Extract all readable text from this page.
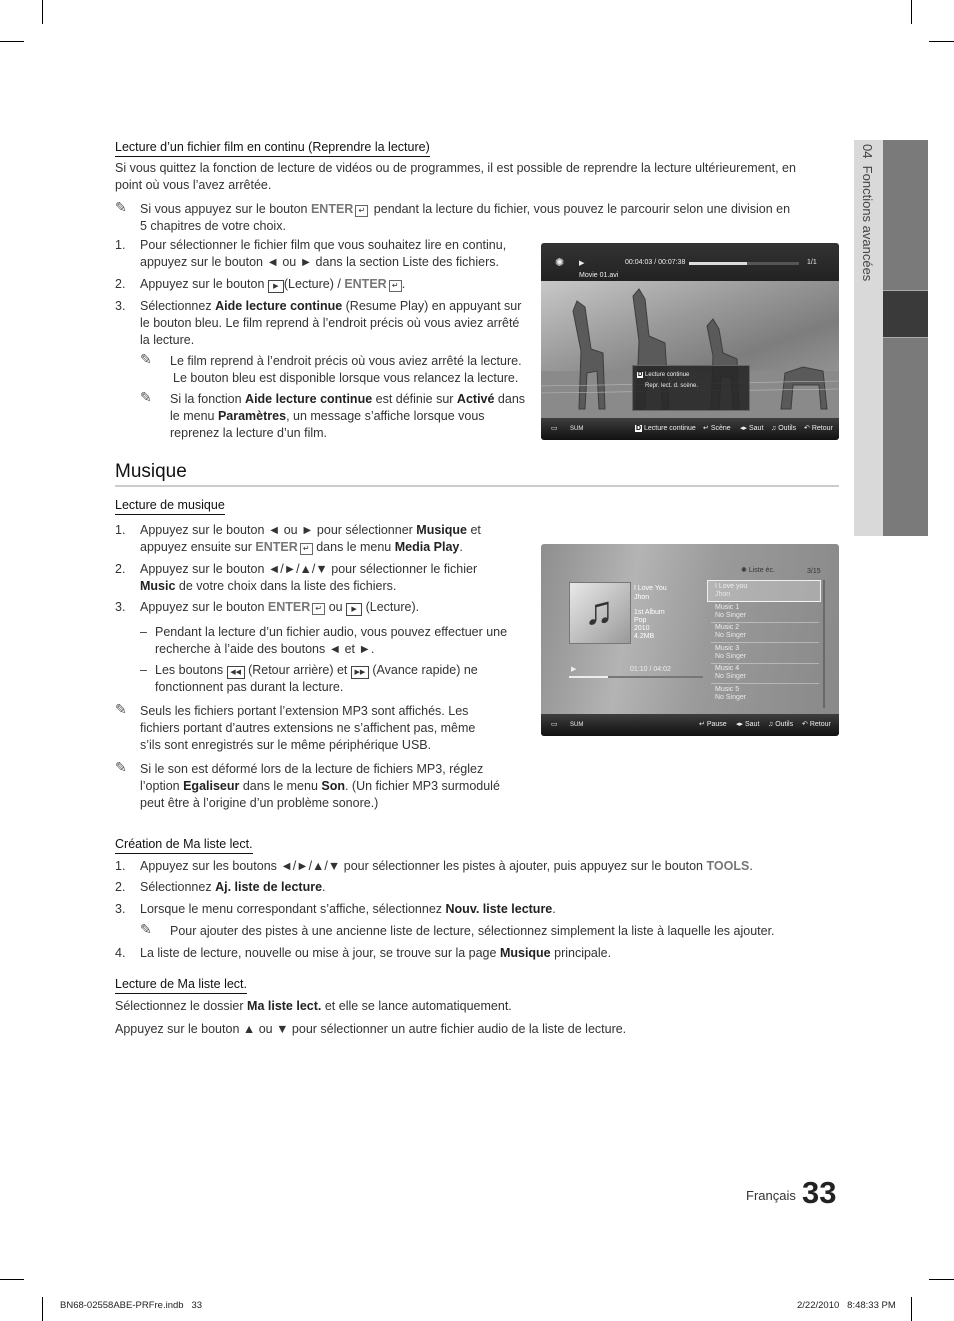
04  Fonctions avancées
Lecture d’un fichier film en continu (Reprendre la lecture)
Si vous quittez la fonction de lecture de vidéos ou de programmes, il est possible de reprendre la lecture ultérieurement, en
point où vous l’avez arrêtée.
✎ Si vous appuyez sur le bouton ENTER ↵ pendant la lecture du fichier, vous pouvez le parcourir selon une division en
5 chapitres de votre choix.
1. Pour sélectionner le fichier film que vous souhaitez lire en continu,
appuyez sur le bouton ◄ ou ► dans la section Liste des fichiers.
2. Appuyez sur le bouton ▶ (Lecture) / ENTER ↵ .
3. Sélectionnez Aide lecture continue (Resume Play) en appuyant sur
le bouton bleu. Le film reprend à l’endroit précis où vous aviez arrêté
la lecture.
✎ Le film reprend à l’endroit précis où vous aviez arrêté la lecture.
Le bouton bleu est disponible lorsque vous relancez la lecture.
✎ Si la fonction Aide lecture continue est définie sur Activé dans
le menu Paramètres, un message s’affiche lorsque vous
reprenez la lecture d’un film.
✺ ▶	00:04:03 / 00:07:38	1/1
Movie 01.avi
D Lecture continue
Repr. lect. d. scène.
▭ SUM	D Lecture continue ↵ Scène ◂▸ Saut ♫ Outils ↶ Retour
Musique
Lecture de musique
1. Appuyez sur le bouton ◄ ou ► pour sélectionner Musique et
appuyez ensuite sur ENTER ↵ dans le menu Media Play.
2. Appuyez sur le bouton ◄/►/▲/▼ pour sélectionner le fichier
Music de votre choix dans la liste des fichiers.
3. Appuyez sur le bouton ENTER ↵ ou ▶ (Lecture).
– Pendant la lecture d’un fichier audio, vous pouvez effectuer une
recherche à l’aide des boutons ◄ et ►.
– Les boutons ◀◀ (Retour arrière) et ▶▶ (Avance rapide) ne
fonctionnent pas durant la lecture.
✎ Seuls les fichiers portant l’extension MP3 sont affichés. Les
fichiers portant d’autres extensions ne s’affichent pas, même
s’ils sont enregistrés sur le même périphérique USB.
✎ Si le son est déformé lors de la lecture de fichiers MP3, réglez
l’option Egaliseur dans le menu Son. (Un fichier MP3 surmodulé
peut être à l’origine d’un problème sonore.)
♫
I Love You
Jhon
1st Album
Pop
2010
4.2MB
▶	01:10 / 04:02
✺ Liste éc.	3/15
▭ SUM	↵ Pause ◂▸ Saut ♫ Outils ↶ Retour
I Love you
Jhon
Music 1
No Singer
Music 2
No Singer
Music 3
No Singer
Music 4
No Singer
Music 5
No Singer
Création de Ma liste lect.
1. Appuyez sur les boutons ◄/►/▲/▼ pour sélectionner les pistes à ajouter, puis appuyez sur le bouton TOOLS.
2. Sélectionnez Aj. liste de lecture.
3. Lorsque le menu correspondant s’affiche, sélectionnez Nouv. liste lecture.
✎ Pour ajouter des pistes à une ancienne liste de lecture, sélectionnez simplement la liste à laquelle les ajouter.
4. La liste de lecture, nouvelle ou mise à jour, se trouve sur la page Musique principale.
Lecture de Ma liste lect.
Sélectionnez le dossier Ma liste lect. et elle se lance automatiquement.
Appuyez sur le bouton ▲ ou ▼ pour sélectionner un autre fichier audio de la liste de lecture.
Français 33
BN68-02558ABE-PRFre.indb   33	2/22/2010   8:48:33 PM
